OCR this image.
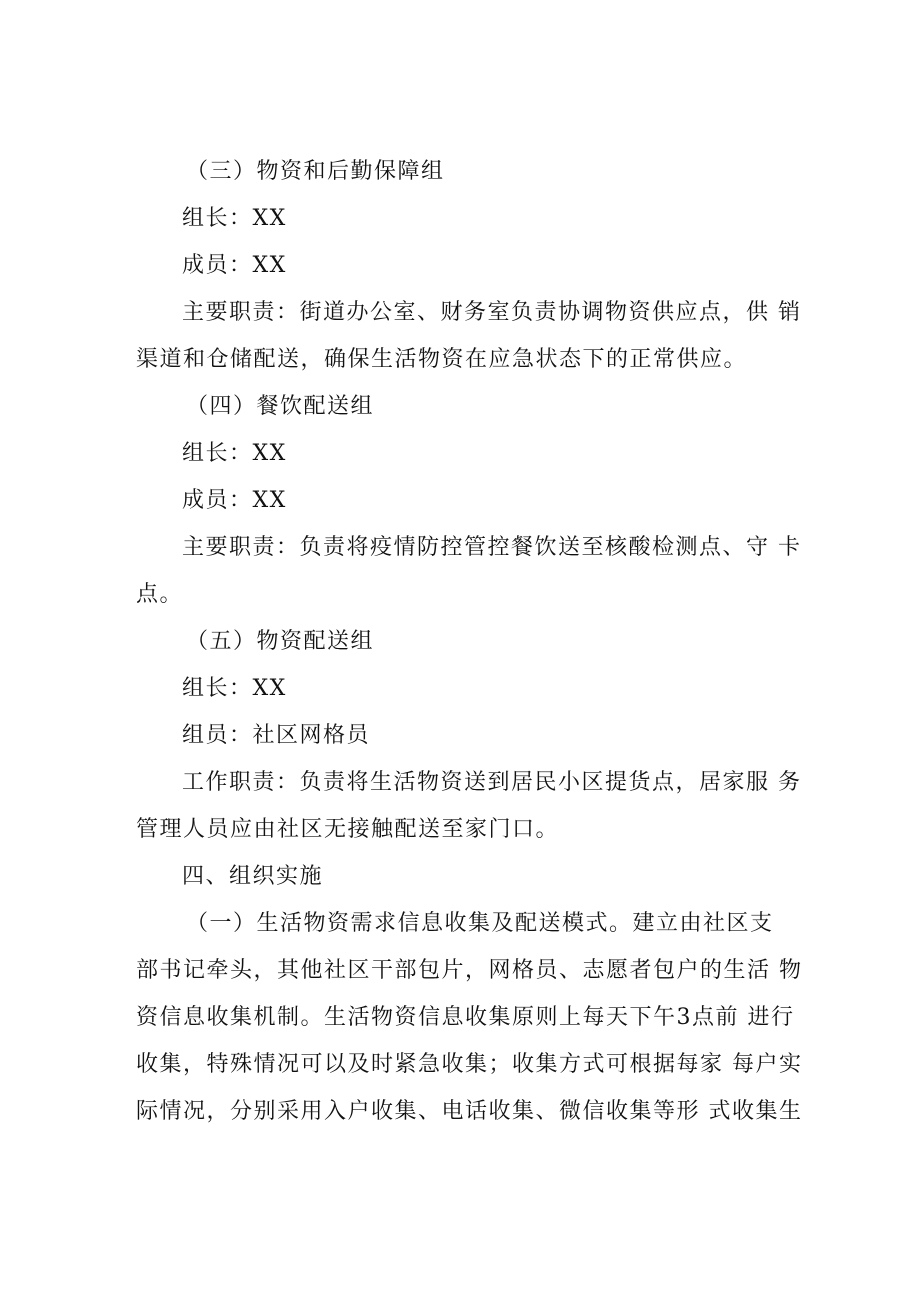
（三）物资和后勤保障组
组长：XX
成员：XX
主要职责：街道办公室、财务室负责协调物资供应点，供 销
渠道和仓储配送，确保生活物资在应急状态下的正常供应。
（四）餐饮配送组
组长：XX
成员：XX
主要职责：负责将疫情防控管控餐饮送至核酸检测点、守 卡
点。
（五）物资配送组
组长：XX
组员：社区网格员
工作职责：负责将生活物资送到居民小区提货点，居家服 务
管理人员应由社区无接触配送至家门口。
四、组织实施
（一）生活物资需求信息收集及配送模式。建立由社区支
部书记牵头，其他社区干部包片，网格员、志愿者包户的生活 物
资信息收集机制。生活物资信息收集原则上每天下午3点前 进行
收集，特殊情况可以及时紧急收集；收集方式可根据每家 每户实
际情况，分别采用入户收集、电话收集、微信收集等形 式收集生
